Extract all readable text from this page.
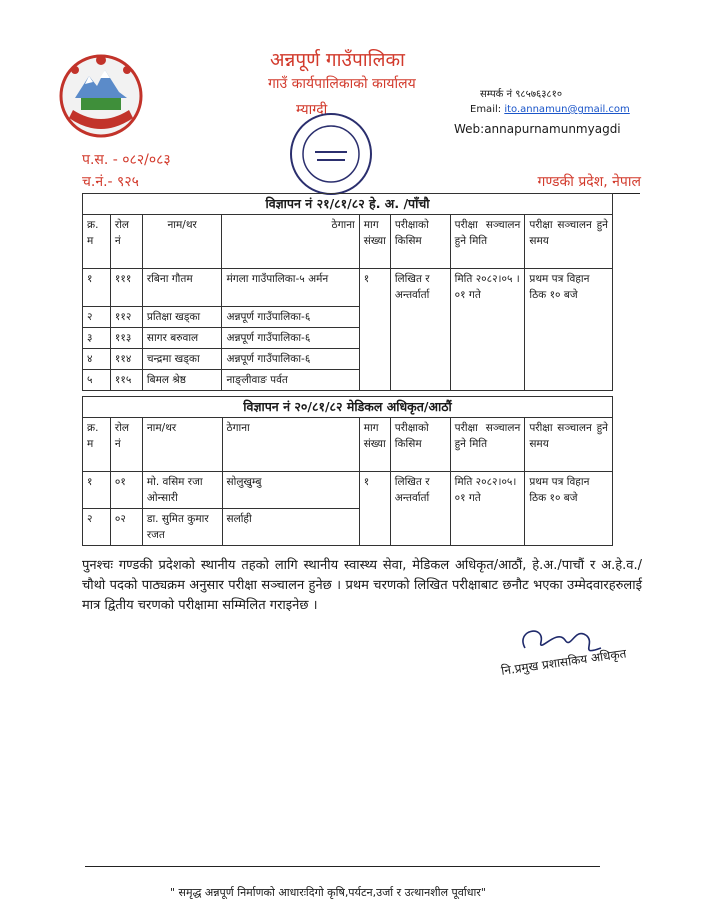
अन्नपूर्ण गाउँपालिका
गाउँ कार्यपालिकाको कार्यालय
म्याग्दी
सम्पर्क नं ९८५७६३८१०
Email: ito.annamun@gmail.com
Web:annapurnamunmyagdi
प.स. - ०८२/०८३
च.नं.- ९२५	गण्डकी प्रदेश, नेपाल
विज्ञापन नं २१/८१/८२ हे. अ. /पाँचौ							
क्र. म	रोल नं	नाम/थर	ठेगाना	माग संख्या	परीक्षाको किसिम	परीक्षा सञ्चालन हुने मिति	परीक्षा सञ्चालन हुने समय
१	१११	रबिना गौतम	मंगला गाउँपालिका-५ अर्मन	१	लिखित र अन्तर्वार्ता	मिति २०८२।०५ ।०१ गते	प्रथम पत्र विहान ठिक १० बजे
२	११२	प्रतिक्षा खड्का	अन्नपूर्ण गाउँपालिका-६				
३	११३	सागर बरुवाल	अन्नपूर्ण गाउँपालिका-६				
४	११४	चन्द्रमा खड्का	अन्नपूर्ण गाउँपालिका-६				
५	११५	बिमल श्रेष्ठ	नाङ्लीवाङ पर्वत				
विज्ञापन नं २०/८१/८२ मेडिकल अधिकृत/आठौं							
क्र. म	रोल नं	नाम/थर	ठेगाना	माग संख्या	परीक्षाको किसिम	परीक्षा सञ्चालन हुने मिति	परीक्षा सञ्चालन हुने समय
१	०१	मो. वसिम रजा ओन्सारी	सोलुखुम्बु	१	लिखित र अन्तर्वार्ता	मिति २०८२।०५।०१ गते	प्रथम पत्र विहान ठिक १० बजे
२	०२	डा. सुमित कुमार रजत	सर्लाही				
पुनश्चः गण्डकी प्रदेशको स्थानीय तहको लागि स्थानीय स्वास्थ्य सेवा, मेडिकल अधिकृत/आठौं, हे.अ./पाचौं र अ.हे.व./चौथो पदको पाठ्यक्रम अनुसार परीक्षा सञ्चालन हुनेछ । प्रथम चरणको लिखित परीक्षाबाट छनौट भएका उम्मेदवारहरुलाई मात्र द्वितीय चरणको परीक्षामा सम्मिलित गराइनेछ ।
नि.प्रमुख प्रशासकिय अधिकृत
" समृद्ध अन्नपूर्ण निर्माणको आधारःदिगो कृषि,पर्यटन,उर्जा र उत्थानशील पूर्वाधार"
